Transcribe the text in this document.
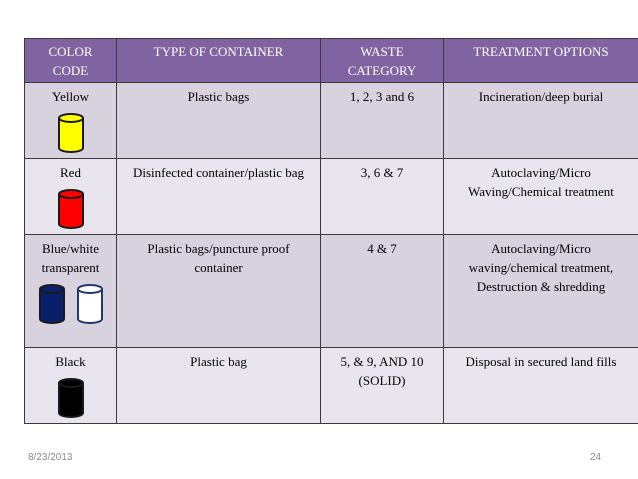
COLOR CODE	TYPE OF CONTAINER	WASTE CATEGORY	TREATMENT OPTIONS

Yellow	Plastic bags	1, 2, 3 and 6	Incineration/deep burial

Red	Disinfected container/plastic bag	3, 6 & 7	Autoclaving/Micro Waving/Chemical treatment

Blue/white transparent	Plastic bags/puncture proof container	4 & 7	Autoclaving/Micro waving/chemical treatment, Destruction & shredding

Black	Plastic bag	5, & 9, AND 10 (SOLID)	Disposal in secured land fills
8/23/2013	24
